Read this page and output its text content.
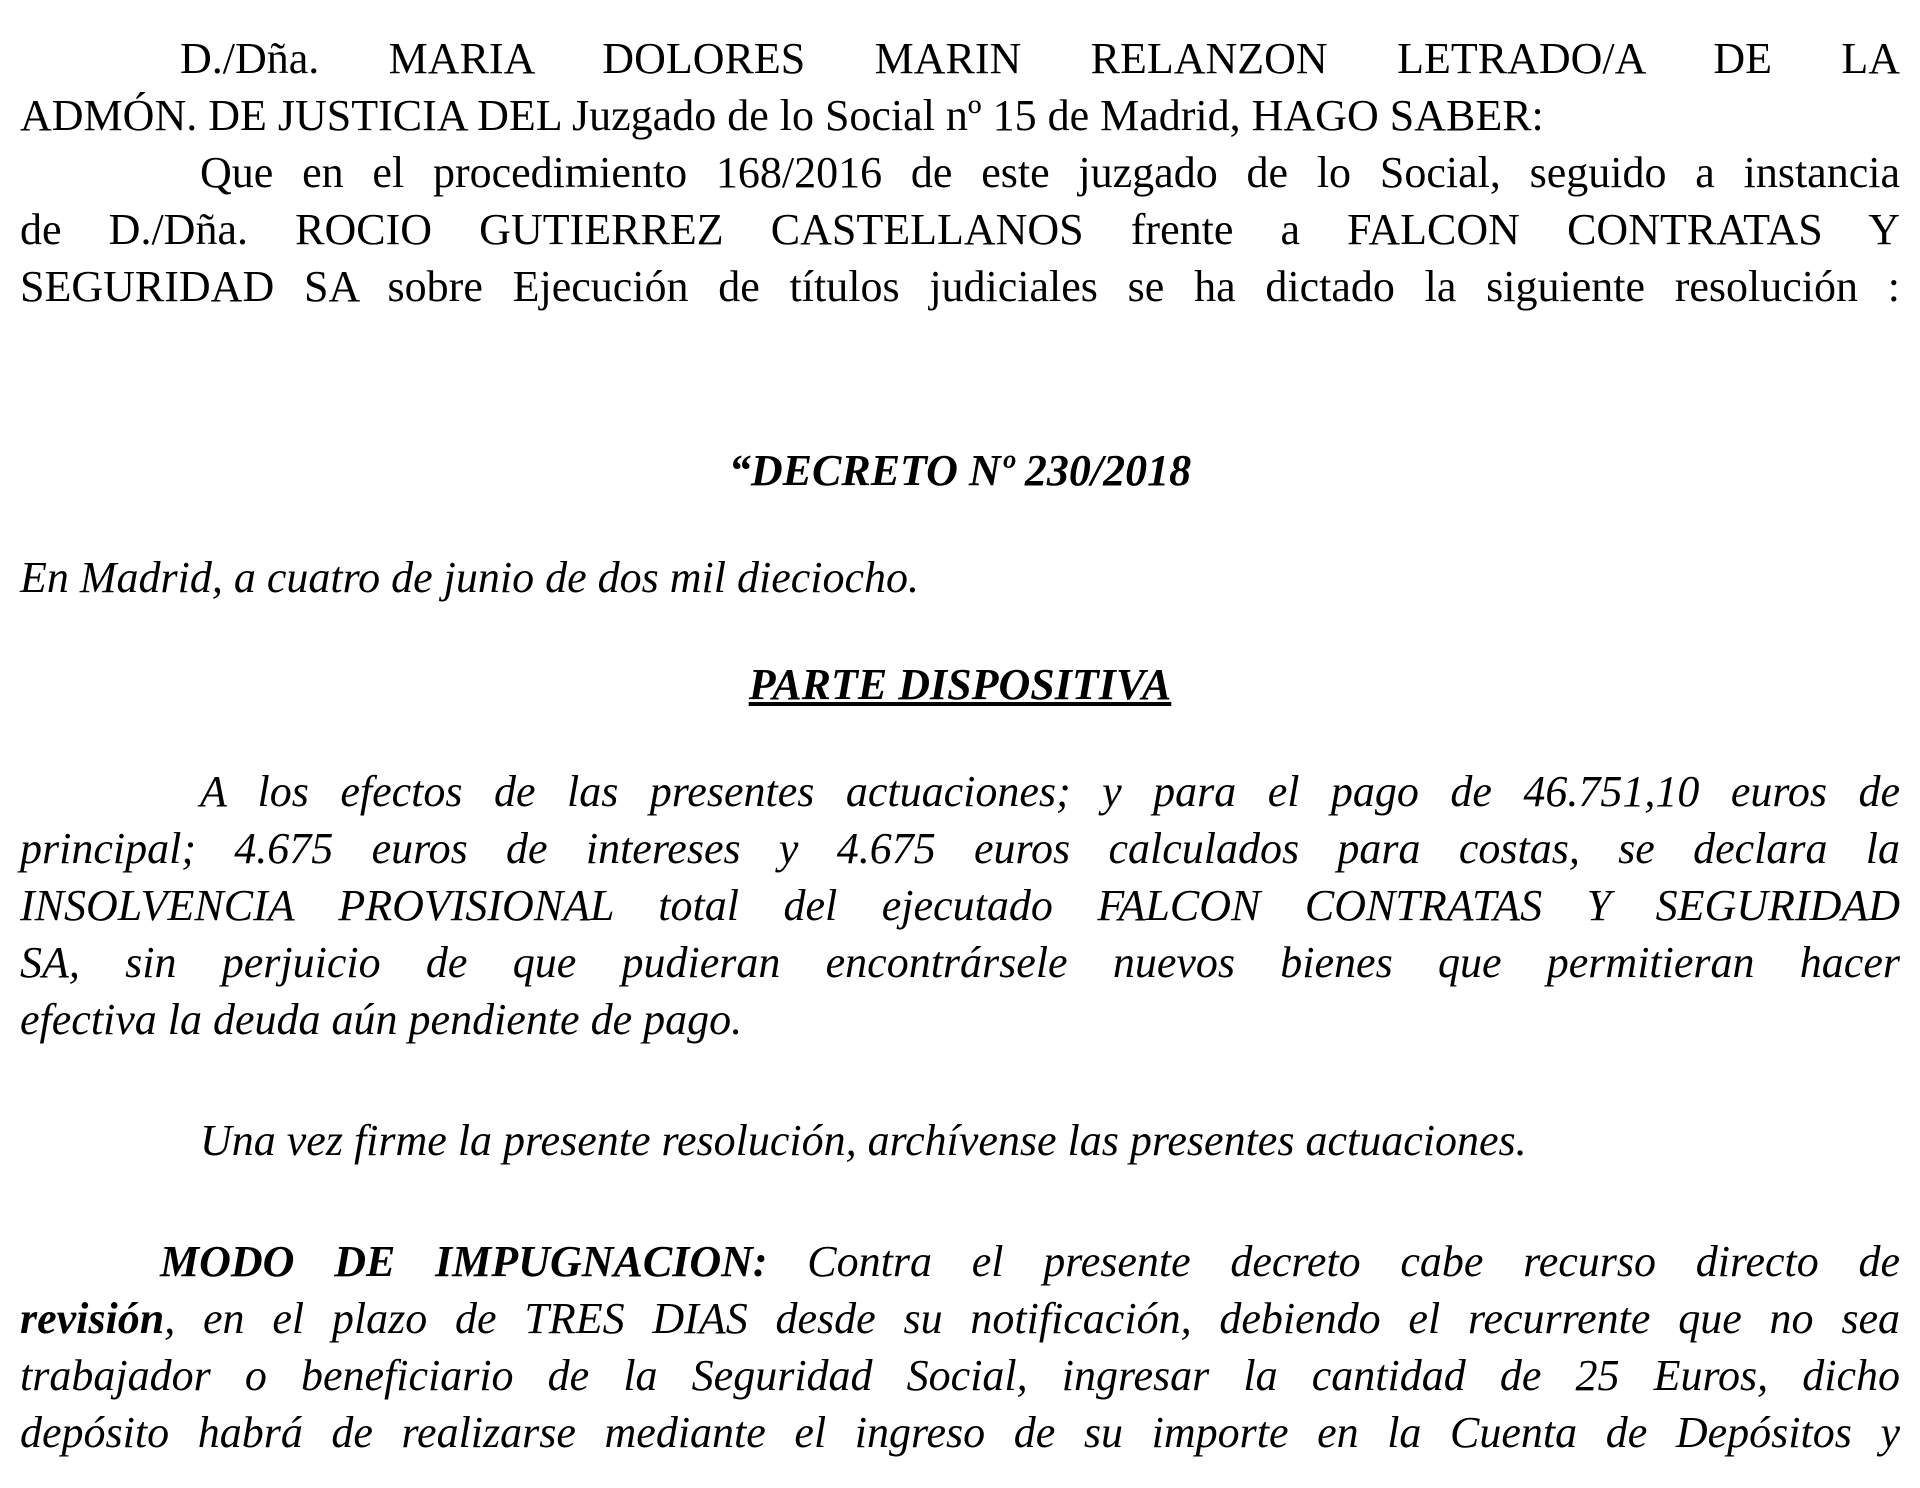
D./Dña. MARIA DOLORES MARIN RELANZON LETRADO/A DE LA
ADMÓN. DE JUSTICIA DEL Juzgado de lo Social nº 15 de Madrid, HAGO SABER:

Que en el procedimiento 168/2016 de este juzgado de lo Social, seguido a instancia
de D./Dña. ROCIO GUTIERREZ CASTELLANOS frente a FALCON CONTRATAS Y
SEGURIDAD SA sobre Ejecución de títulos judiciales se ha dictado la siguiente resolución :

“DECRETO Nº 230/2018

En Madrid, a cuatro de junio de dos mil dieciocho.

PARTE DISPOSITIVA

A los efectos de las presentes actuaciones; y para el pago de 46.751,10 euros de
principal; 4.675 euros de intereses y 4.675 euros calculados para costas, se declara la
INSOLVENCIA PROVISIONAL total del ejecutado FALCON CONTRATAS Y SEGURIDAD
SA, sin perjuicio de que pudieran encontrársele nuevos bienes que permitieran hacer
efectiva la deuda aún pendiente de pago.

Una vez firme la presente resolución, archívense las presentes actuaciones.

MODO DE IMPUGNACION: Contra el presente decreto cabe recurso directo de
revisión, en el plazo de TRES DIAS desde su notificación, debiendo el recurrente que no sea
trabajador o beneficiario de la Seguridad Social, ingresar la cantidad de 25 Euros, dicho
depósito habrá de realizarse mediante el ingreso de su importe en la Cuenta de Depósitos y
